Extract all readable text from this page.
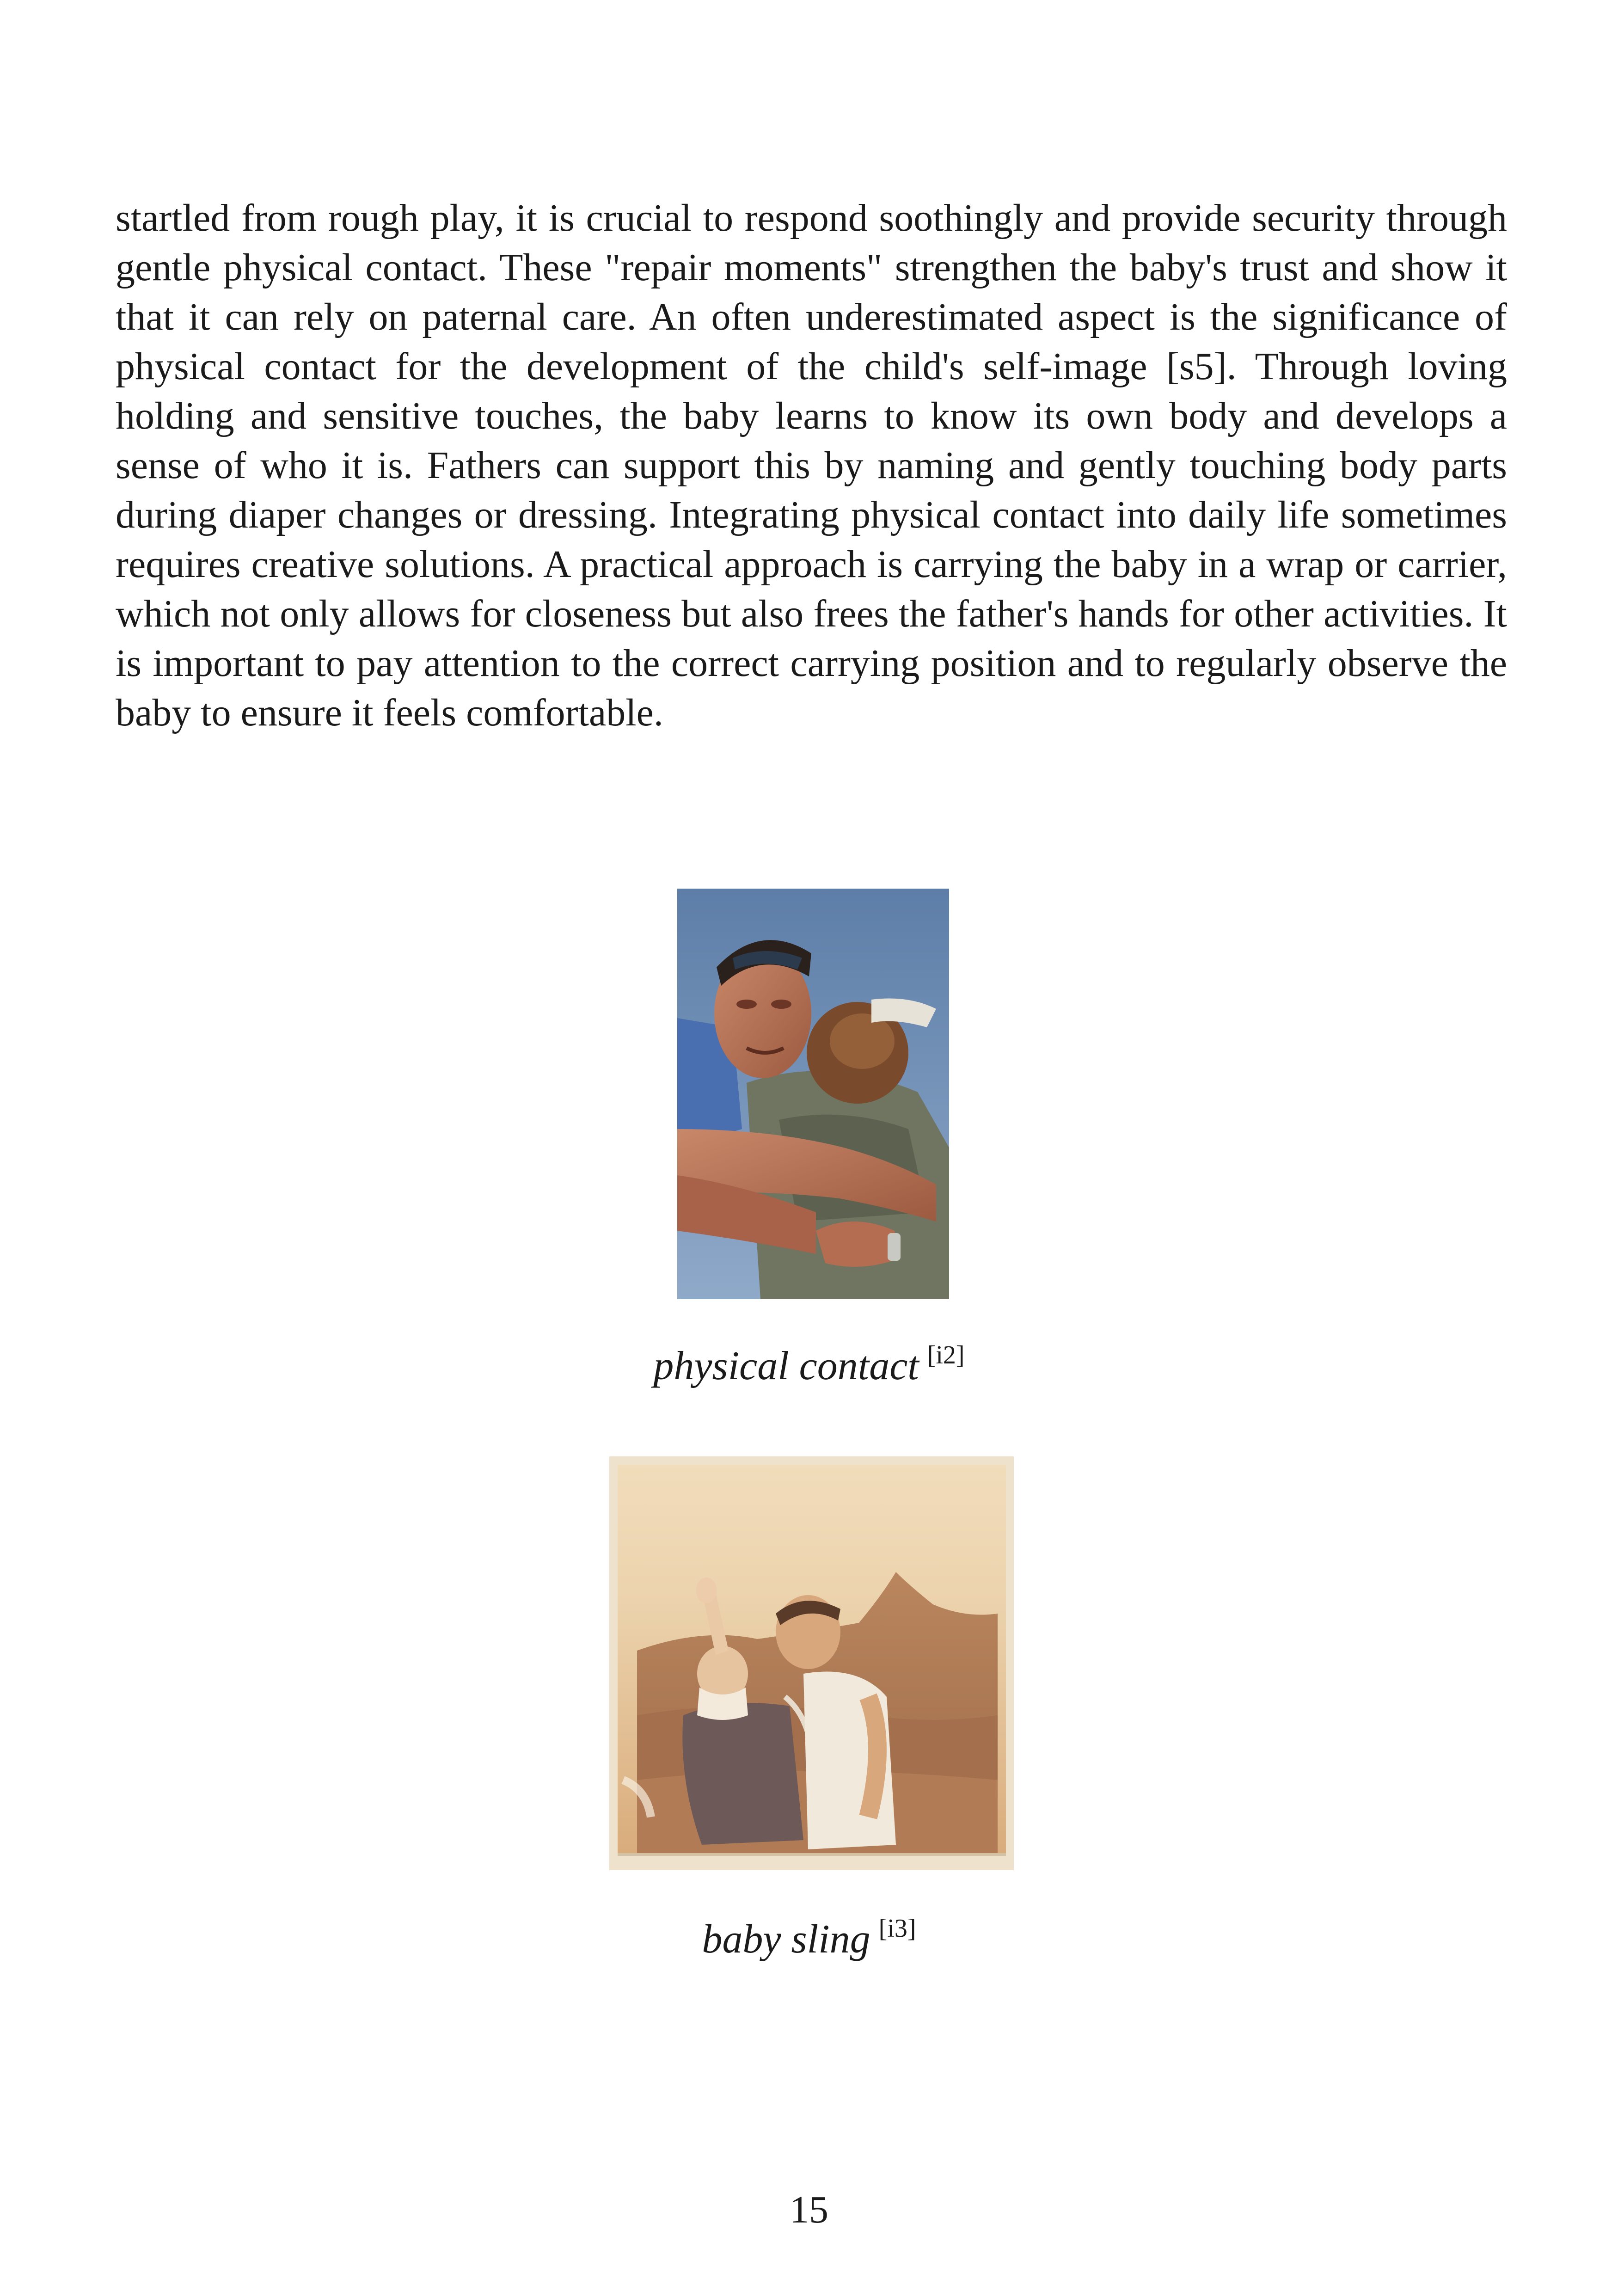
startled from rough play, it is crucial to respond soothingly and provide security through gentle physical contact. These "repair moments" strengthen the baby's trust and show it that it can rely on paternal care. An often underestimated aspect is the significance of physical contact for the development of the child's self-image [s5]. Through loving holding and sensitive touches, the baby learns to know its own body and develops a sense of who it is. Fathers can support this by naming and gently touching body parts during diaper changes or dressing. Integrating physical contact into daily life sometimes requires creative solutions. A practical approach is carrying the baby in a wrap or carrier, which not only allows for closeness but also frees the father's hands for other activities. It is important to pay attention to the correct carrying position and to regularly observe the baby to ensure it feels comfortable.

physical contact [i2]
baby sling [i3]
15
